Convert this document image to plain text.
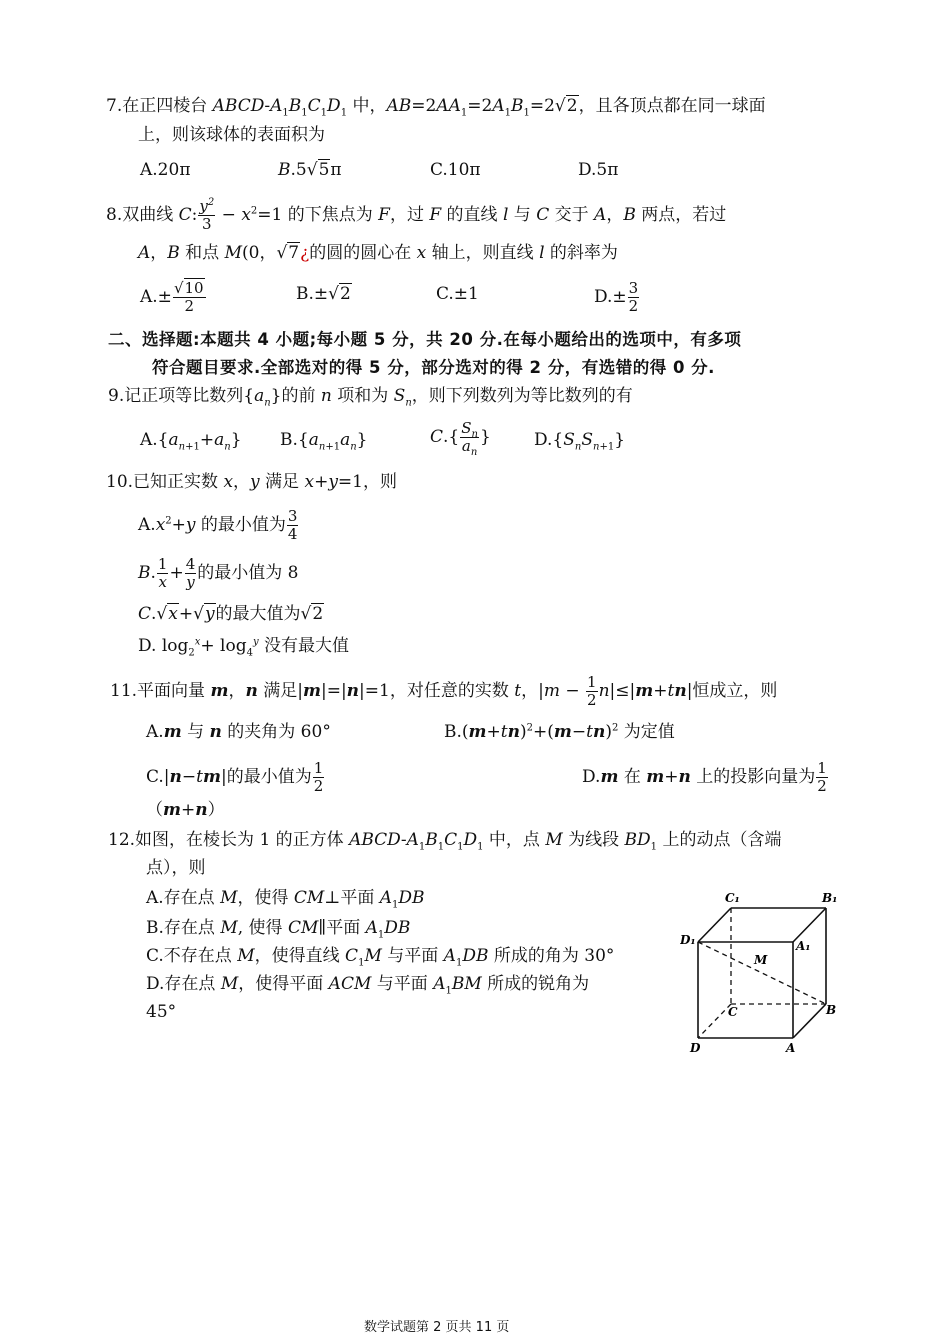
7.在正四棱台 ABCD-$A_1B_1C_1D_1$ 中，$AB=2AA_1=2A_1B_1=2√2$，且各顶点都在同一球面
上，则该球体的表面积为
A.20π	B.5√5π	C.10π	D.5π
8.双曲线 C: $\frac{y^2}{3} - x^2=1$ 的下焦点为 F，过 F 的直线 l 与 C 交于 A，B 两点，若过
A，B 和点 M(0，√7¿的圆的圆心在 x 轴上，则直线 l 的斜率为
$A.\pm \frac{√10}{2}$	B.±√2	C.±1	$D.\pm \frac{3}{2}$
二、选择题:本题共 4 小题;每小题 5 分，共 20 分.在每小题给出的选项中，有多项
符合题目要求.全部选对的得 5 分，部分选对的得 2 分，有选错的得 0 分.
9.记正项等比数列$\{a_n\}$的前 n 项和为 $S_n$，则下列数列为等比数列的有
$A.\{a_{n+1}+a_n\}$ $B.\{a_{n+1}a_n\}$	$C.\{ \frac{S_n}{a_n}$ }	$D.\{S_nS_{n+1}\}$
10.已知正实数 x，y 满足 x+y=1，则
$A.x^2+y$ 的最小值为 $\frac{3}{4}$
B. $\frac{1}{x} + \frac{4}{y}$ 的最小值为 8
C.√x+√y的最大值为√2
D. $\log_2^x+ \log_4^y$ 没有最大值
11.平面向量 m，n 满足|m|=|n|=1，对任意的实数 t，$|m - \frac{1}{2} n|\le|m+tn|$恒成立，则
A.m 与 n 的夹角为 60°	$B.(m+tn)^2+(m-tn)^2$ 为定值
C.|n−tm|的最小值为 $\frac{1}{2}$	D.m 在 m+n 上的投影向量为 $\frac{1}{2}$
（m+n）
12.如图，在棱长为 1 的正方体 ABCD-$A_1B_1C_1D_1$ 中，点 M 为线段 $BD_1$ 上的动点（含端
点），则
A.存在点 M，使得 CM⊥平面 $A_1DB$
B.存在点 M, 使得 CM∥平面 $A_1DB$
C.不存在点 M，使得直线 $C_1M$ 与平面 $A_1DB$ 所成的角为 30°
D.存在点 M，使得平面 ACM 与平面 $A_1BM$ 所成的锐角为
45°
C₁	B₁
D₁	A₁
M
C	B
D	A
数学试题第 2 页共 11 页
